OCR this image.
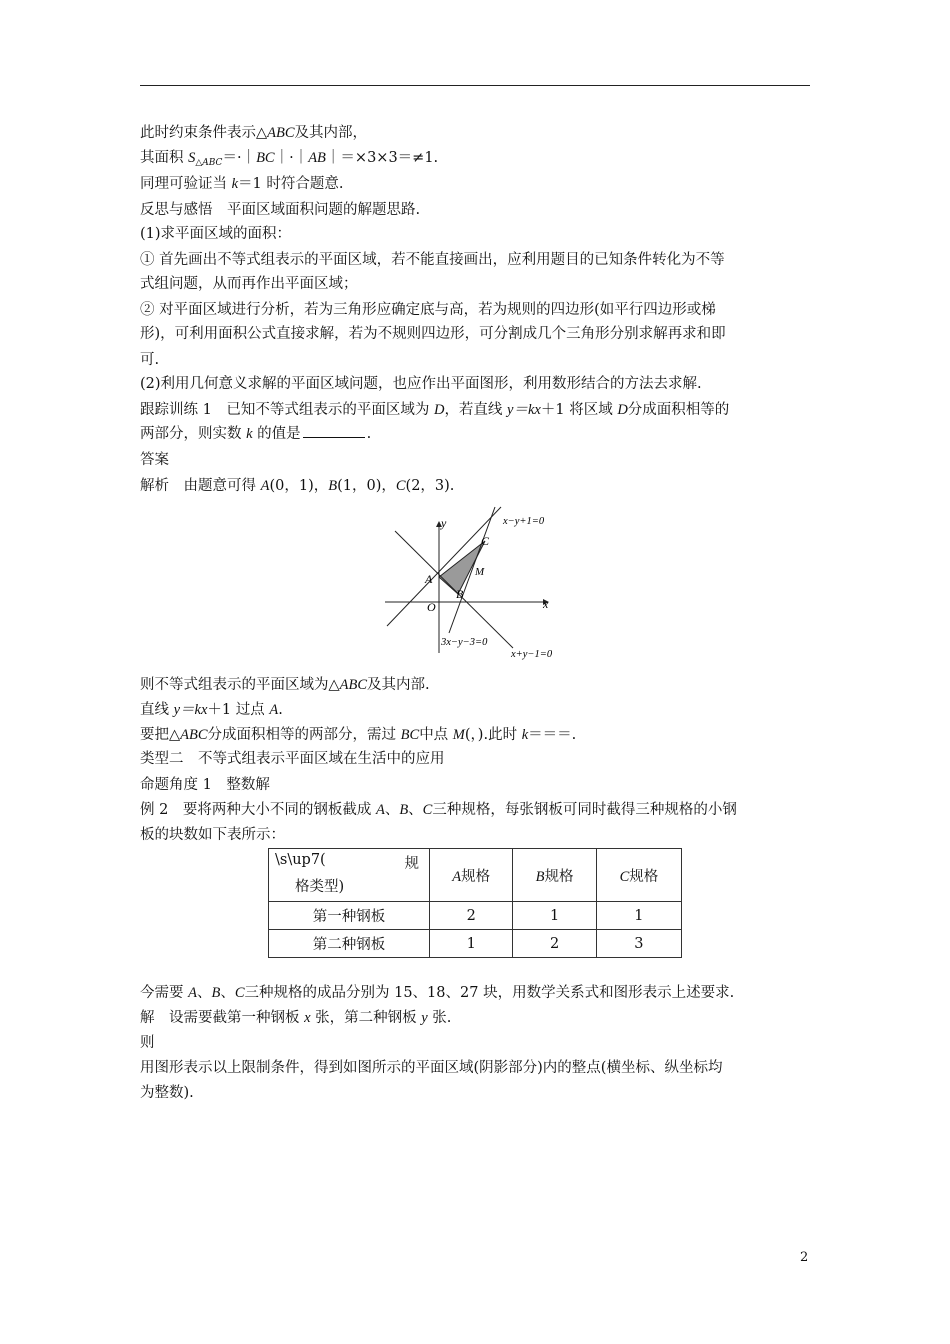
此时约束条件表示△ABC及其内部，
其面积 $S_{\triangle ABC}=\cdot|BC|\cdot|AB|=\times 3\times 3=\ne 1$.
同理可验证当 k＝1 时符合题意.
反思与感悟　平面区域面积问题的解题思路.
(1)求平面区域的面积：
① 首先画出不等式组表示的平面区域，若不能直接画出，应利用题目的已知条件转化为不等
式组问题，从而再作出平面区域；
② 对平面区域进行分析，若为三角形应确定底与高，若为规则的四边形(如平行四边形或梯
形)，可利用面积公式直接求解，若为不规则四边形，可分割成几个三角形分别求解再求和即
可.
(2)利用几何意义求解的平面区域问题，也应作出平面图形，利用数形结合的方法去求解.
跟踪训练 1　已知不等式组表示的平面区域为 D，若直线 y＝kx＋1 将区域 D分成面积相等的
两部分，则实数 k 的值是	.
答案
解析　由题意可得 A(0，1)，B(1，0)，C(2，3).
y
x
O
A
B
C
M
x−y+1=0
3x−y−3=0
x+y−1=0
则不等式组表示的平面区域为△ABC及其内部.
直线 y＝kx＋1 过点 A.
要把△ABC分成面积相等的两部分，需过 BC中点 M(，).此时 k＝＝＝.
类型二　不等式组表示平面区域在生活中的应用
命题角度 1　整数解
例 2　要将两种大小不同的钢板截成 A、B、C三种规格，每张钢板可同时截得三种规格的小钢
板的块数如下表所示：
\s\up7( 规
格类型)	A规格	B规格	C规格
第一种钢板	2	1	1
第二种钢板	1	2	3
今需要 A、B、C三种规格的成品分别为 15、18、27 块，用数学关系式和图形表示上述要求.
解　设需要截第一种钢板 x 张，第二种钢板 y 张.
则
用图形表示以上限制条件，得到如图所示的平面区域(阴影部分)内的整点(横坐标、纵坐标均
为整数).
2
